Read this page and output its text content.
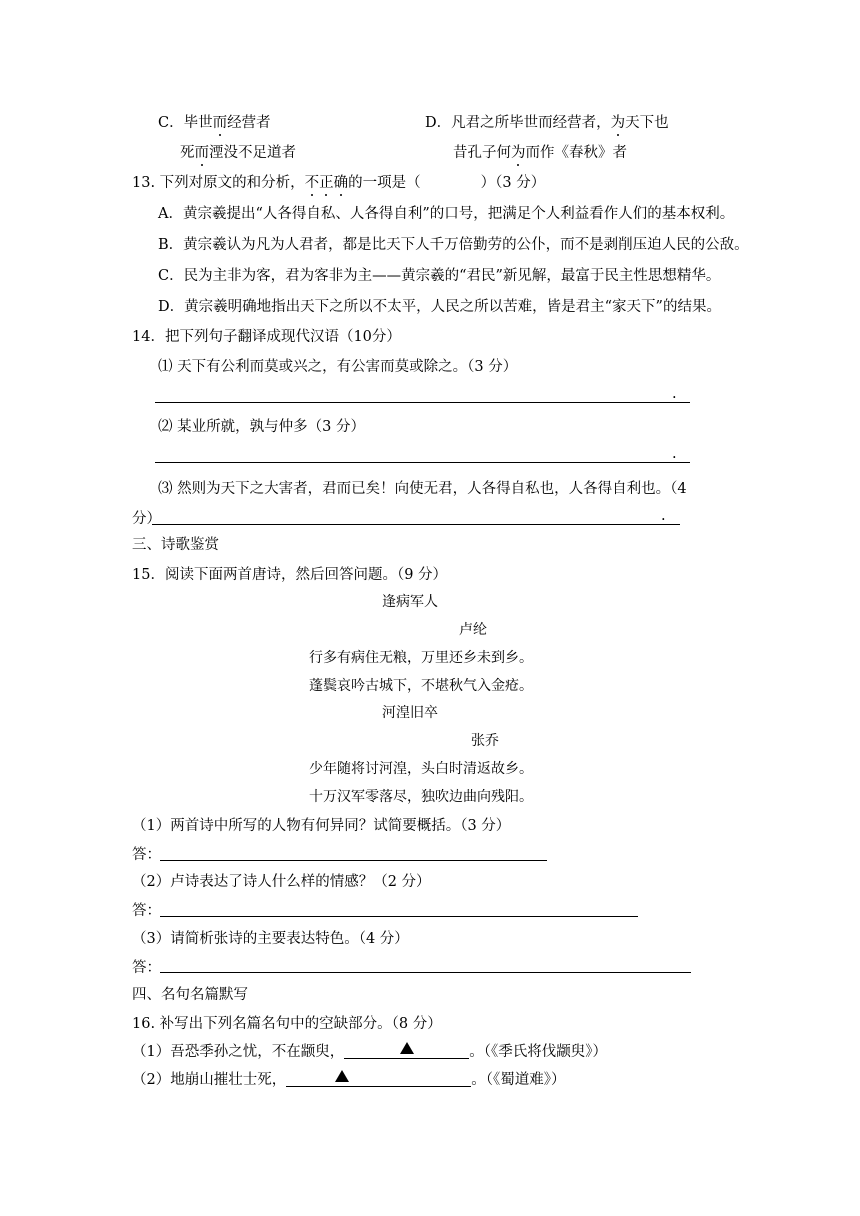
C．毕世而经营者	D．凡君之所毕世而经营者，为天下也
死而湮没不足道者	昔孔子何为而作《春秋》者
13. 下列对原文的和分析，不正确的一项是（	）（3 分）
A．黄宗羲提出“人各得自私、人各得自利”的口号，把满足个人利益看作人们的基本权利。
B．黄宗羲认为凡为人君者，都是比天下人千万倍勤劳的公仆，而不是剥削压迫人民的公敌。
C．民为主非为客，君为客非为主——黄宗羲的“君民”新见解，最富于民主性思想精华。
D．黄宗羲明确地指出天下之所以不太平，人民之所以苦难，皆是君主“家天下”的结果。
14．把下列句子翻译成现代汉语（10分）
⑴ 天下有公利而莫或兴之，有公害而莫或除之。（3 分）
.
⑵ 某业所就，孰与仲多（3 分）
.
⑶ 然则为天下之大害者，君而已矣！向使无君，人各得自私也，人各得自利也。（4
分）	.
三、诗歌鉴赏
15．阅读下面两首唐诗，然后回答问题。（9 分）
逢病军人
卢纶
行多有病住无粮，万里还乡未到乡。
蓬鬓哀吟古城下，不堪秋气入金疮。
河湟旧卒
张乔
少年随将讨河湟，头白时清返故乡。
十万汉军零落尽，独吹边曲向残阳。
（1）两首诗中所写的人物有何异同？试简要概括。（3 分）
答：
（2）卢诗表达了诗人什么样的情感？（2 分）
答：
（3）请简析张诗的主要表达特色。（4 分）
答：
四、名句名篇默写
16. 补写出下列名篇名句中的空缺部分。（8 分）
（1）吾恐季孙之忧，不在颛臾，	。（《季氏将伐颛臾》）
（2）地崩山摧壮士死，	。（《蜀道难》）
